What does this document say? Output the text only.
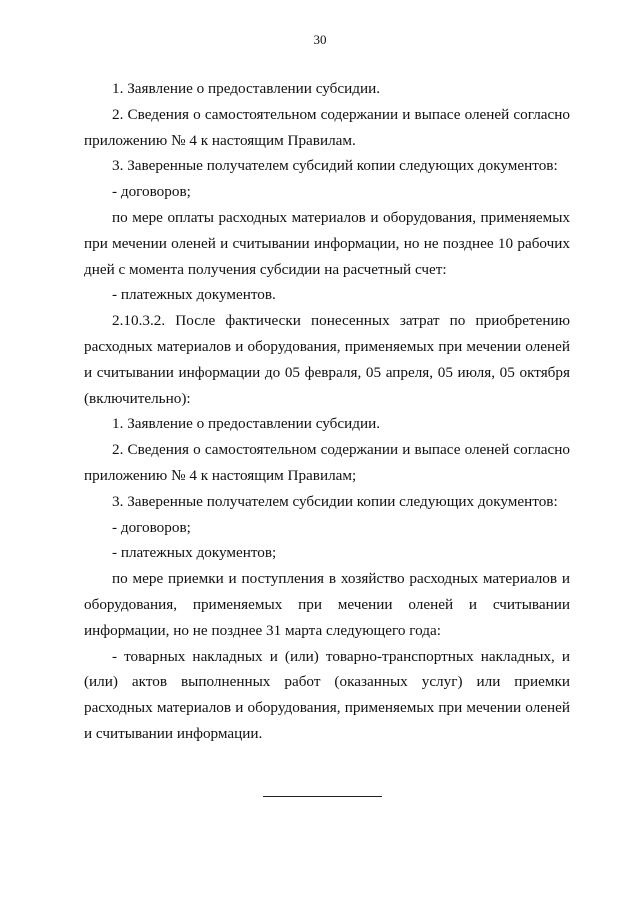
30

1. Заявление о предоставлении субсидии.

2. Сведения о самостоятельном содержании и выпасе оленей согласно приложению № 4 к настоящим Правилам.

3. Заверенные получателем субсидий копии следующих документов:

- договоров;

по мере оплаты расходных материалов и оборудования, применяемых при мечении оленей и считывании информации, но не позднее 10 рабочих дней с момента получения субсидии на расчетный счет:

- платежных документов.

2.10.3.2. После фактически понесенных затрат по приобретению расходных материалов и оборудования, применяемых при мечении оленей и считывании информации до 05 февраля, 05 апреля, 05 июля, 05 октября (включительно):

1. Заявление о предоставлении субсидии.

2. Сведения о самостоятельном содержании и выпасе оленей согласно приложению № 4 к настоящим Правилам;

3. Заверенные получателем субсидии копии следующих документов:

- договоров;

- платежных документов;

по мере приемки и поступления в хозяйство расходных материалов и оборудования, применяемых при мечении оленей и считывании информации, но не позднее 31 марта следующего года:

- товарных накладных и (или) товарно-транспортных накладных, и (или) актов выполненных работ (оказанных услуг) или приемки расходных материалов и оборудования, применяемых при мечении оленей и считывании информации.
